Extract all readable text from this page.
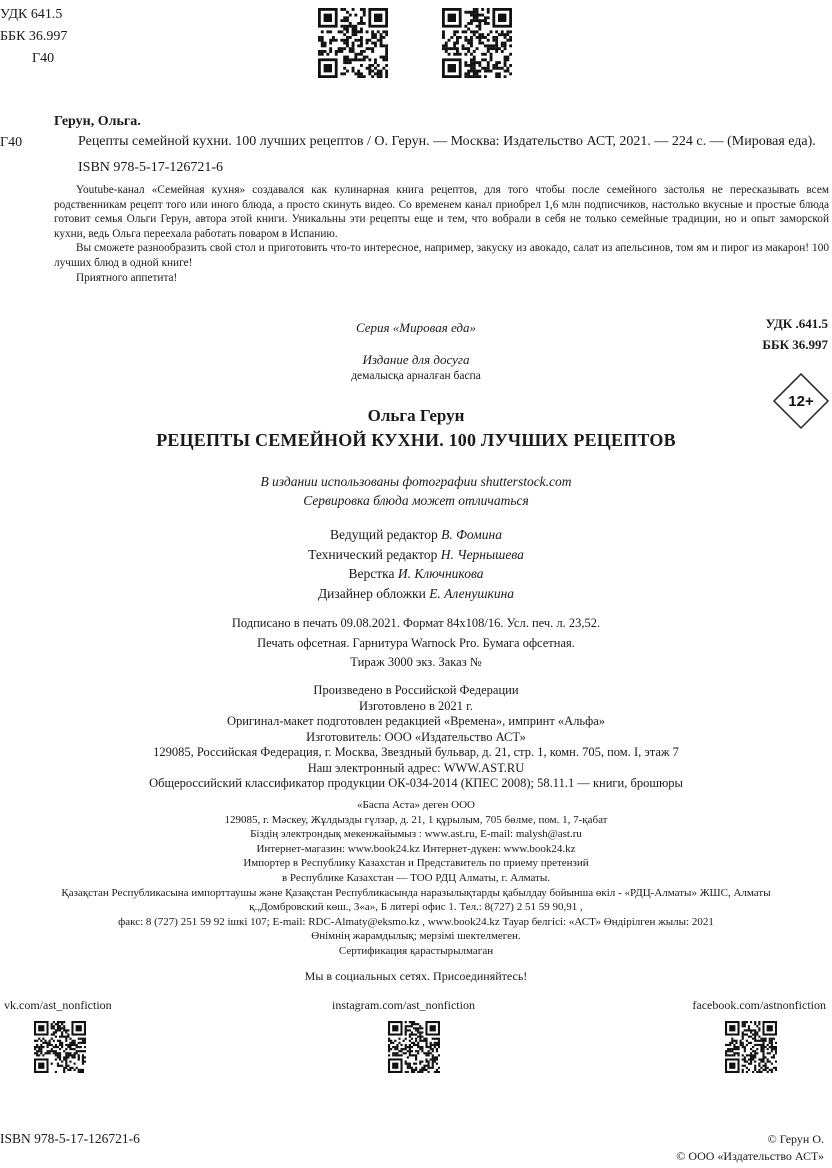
УДК 641.5
ББК 36.997
Г40
Герун, Ольга.
Г40	Рецепты семейной кухни. 100 лучших рецептов / О. Герун. — Москва: Издательство АСТ, 2021. — 224 с. — (Мировая еда).
ISBN 978-5-17-126721-6

Youtube-канал «Семейная кухня» создавался как кулинарная книга рецептов, для того чтобы после семейного застолья не пересказывать всем родственникам рецепт того или иного блюда, а просто скинуть видео. Со временем канал приобрел 1,6 млн подписчиков, настолько вкусные и простые блюда готовит семья Ольги Герун, автора этой книги. Уникальны эти рецепты еще и тем, что вобрали в себя не только семейные традиции, но и опыт заморской кухни, ведь Ольга переехала работать поваром в Испанию.

Вы сможете разнообразить свой стол и приготовить что-то интересное, например, закуску из авокадо, салат из апельсинов, том ям и пирог из макарон! 100 лучших блюд в одной книге!

Приятного аппетита!

УДК .641.5
ББК 36.997
Серия «Мировая еда»
Издание для досуга
демалысқа арналған баспа
12+
Ольга Герун
РЕЦЕПТЫ СЕМЕЙНОЙ КУХНИ. 100 ЛУЧШИХ РЕЦЕПТОВ
В издании использованы фотографии shutterstock.com
Сервировка блюда может отличаться
Ведущий редактор В. Фомина
Технический редактор Н. Чернышева
Верстка И. Ключникова
Дизайнер обложки Е. Аленушкина
Подписано в печать 09.08.2021. Формат 84х108/16. Усл. печ. л. 23,52.
Печать офсетная. Гарнитура Warnock Pro. Бумага офсетная.
Тираж 3000 экз. Заказ №
Произведено в Российской Федерации
Изготовлено в 2021 г.
Оригинал-макет подготовлен редакцией «Времена», импринт «Альфа»
Изготовитель: ООО «Издательство АСТ»
129085, Российская Федерация, г. Москва, Звездный бульвар, д. 21, стр. 1, комн. 705, пом. I, этаж 7
Наш электронный адрес: WWW.AST.RU
Общероссийский классификатор продукции ОК-034-2014 (КПЕС 2008); 58.11.1 — книги, брошюры
«Баспа Аста» деген ООО
129085, г. Мәскеу, Жұлдызды гүлзар, д. 21, 1 құрылым, 705 бөлме, пом. 1, 7-қабат
Біздің электрондық мекенжайымыз : www.ast.ru, E-mail: malysh@ast.ru
Интернет-магазин: www.book24.kz Интернет-дүкен: www.book24.kz
Импортер в Республику Казахстан и Представитель по приему претензий
в Республике Казахстан — ТОО РДЦ Алматы, г. Алматы.
Қазақстан Республикасына импорттаушы және Қазақстан Республикасында наразылықтарды қабылдау бойынша өкіл - «РДЦ-Алматы» ЖШС, Алматы
қ.,Домбровский көш., 3«а», Б литері офис 1. Тел.: 8(727) 2 51 59 90,91 ,
факс: 8 (727) 251 59 92 ішкі 107; E-mail: RDC-Almaty@eksmo.kz , www.book24.kz Тауар белгісі: «АСТ» Өндірілген жылы: 2021
Өнімнің жарамдылық; мерзімі шектелмеген.
Сертификация қарастырылмаган
Мы в социальных сетях. Присоединяйтесь!
vk.com/ast_nonfiction	instagram.com/ast_nonfiction	facebook.com/astnonfiction
ISBN 978-5-17-126721-6	© Герун О.
© ООО «Издательство АСТ»
